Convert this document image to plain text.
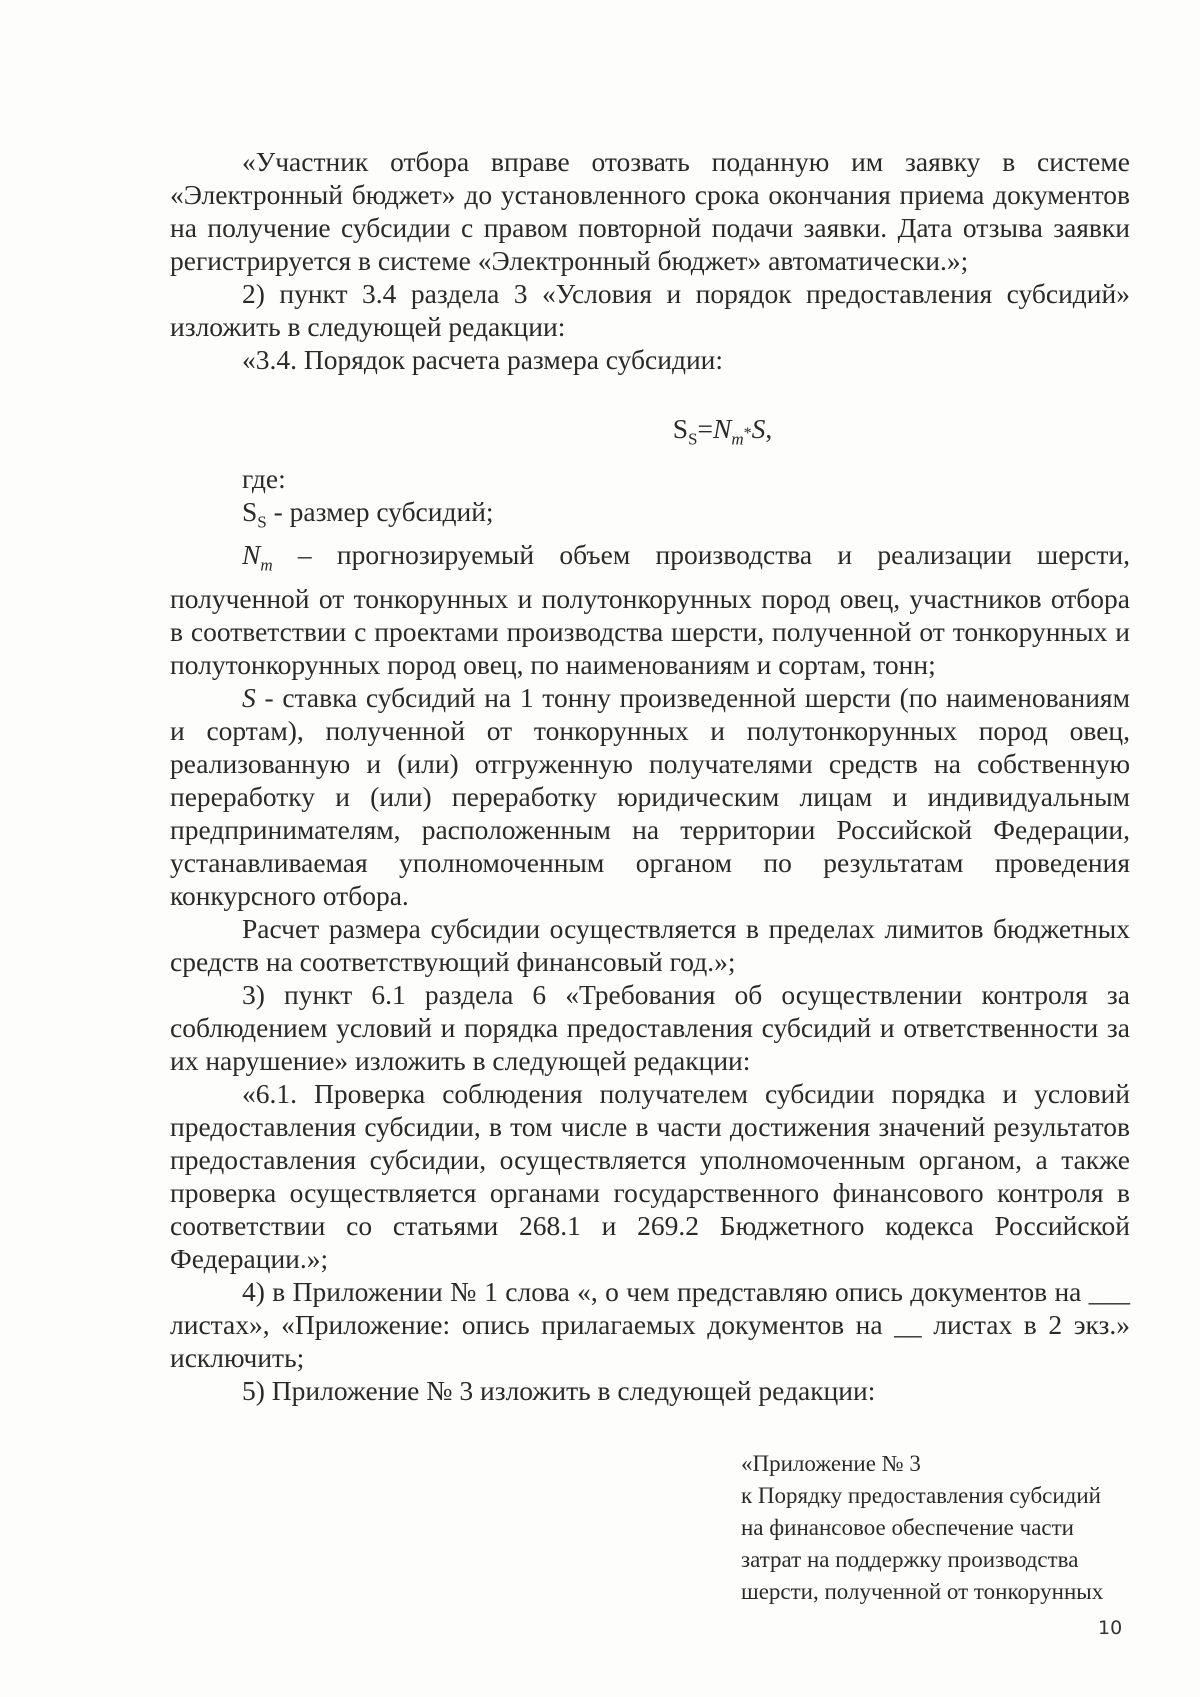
«Участник отбора вправе отозвать поданную им заявку в системе «Электронный бюджет» до установленного срока окончания приема документов на получение субсидии с правом повторной подачи заявки. Дата отзыва заявки регистрируется в системе «Электронный бюджет» автоматически.»;

2) пункт 3.4 раздела 3 «Условия и порядок предоставления субсидий» изложить в следующей редакции:

«3.4. Порядок расчета размера субсидии:

$S_S=N_m*S$,

где:

$S_S$ - размер субсидий;

$N_m$ – прогнозируемый объем производства и реализации шерсти, полученной от тонкорунных и полутонкорунных пород овец, участников отбора в соответствии с проектами производства шерсти, полученной от тонкорунных и полутонкорунных пород овец, по наименованиям и сортам, тонн;

S - ставка субсидий на 1 тонну произведенной шерсти (по наименованиям и сортам), полученной от тонкорунных и полутонкорунных пород овец, реализованную и (или) отгруженную получателями средств на собственную переработку и (или) переработку юридическим лицам и индивидуальным предпринимателям, расположенным на территории Российской Федерации, устанавливаемая уполномоченным органом по результатам проведения конкурсного отбора.

Расчет размера субсидии осуществляется в пределах лимитов бюджетных средств на соответствующий финансовый год.»;

3) пункт 6.1 раздела 6 «Требования об осуществлении контроля за соблюдением условий и порядка предоставления субсидий и ответственности за их нарушение» изложить в следующей редакции:

«6.1. Проверка соблюдения получателем субсидии порядка и условий предоставления субсидии, в том числе в части достижения значений результатов предоставления субсидии, осуществляется уполномоченным органом, а также проверка осуществляется органами государственного финансового контроля в соответствии со статьями 268.1 и 269.2 Бюджетного кодекса Российской Федерации.»;

4) в Приложении № 1 слова «, о чем представляю опись документов на ___ листах», «Приложение: опись прилагаемых документов на __ листах в 2 экз.» исключить;

5) Приложение № 3 изложить в следующей редакции:

«Приложение № 3
к Порядку предоставления субсидий
на финансовое обеспечение части
затрат на поддержку производства
шерсти, полученной от тонкорунных
10
